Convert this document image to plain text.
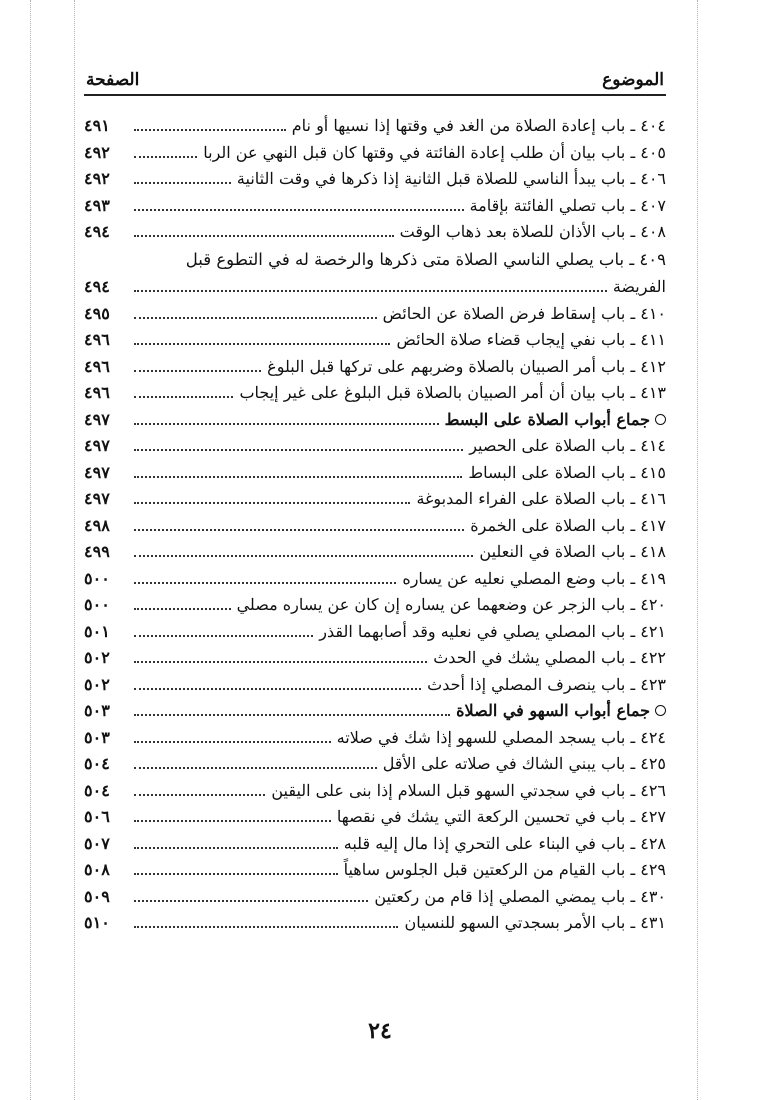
الموضوع
الصفحة
٤٠٤ ـ باب إعادة الصلاة من الغد في وقتها إذا نسيها أو نام
٤٩١
٤٠٥ ـ باب بيان أن طلب إعادة الفائتة في وقتها كان قبل النهي عن الربا
٤٩٢
٤٠٦ ـ باب يبدأ الناسي للصلاة قبل الثانية إذا ذكرها في وقت الثانية
٤٩٢
٤٠٧ ـ باب تصلي الفائتة بإقامة
٤٩٣
٤٠٨ ـ باب الأذان للصلاة بعد ذهاب الوقت
٤٩٤
٤٠٩ ـ باب يصلي الناسي الصلاة متى ذكرها والرخصة له في التطوع قبل
الفريضة
٤٩٤
٤١٠ ـ باب إسقاط فرض الصلاة عن الحائض
٤٩٥
٤١١ ـ باب نفي إيجاب قضاء صلاة الحائض
٤٩٦
٤١٢ ـ باب أمر الصبيان بالصلاة وضربهم على تركها قبل البلوغ
٤٩٦
٤١٣ ـ باب بيان أن أمر الصبيان بالصلاة قبل البلوغ على غير إيجاب
٤٩٦
جماع أبواب الصلاة على البسط
٤٩٧
٤١٤ ـ باب الصلاة على الحصير
٤٩٧
٤١٥ ـ باب الصلاة على البساط
٤٩٧
٤١٦ ـ باب الصلاة على الفراء المدبوغة
٤٩٧
٤١٧ ـ باب الصلاة على الخمرة
٤٩٨
٤١٨ ـ باب الصلاة في النعلين
٤٩٩
٤١٩ ـ باب وضع المصلي نعليه عن يساره
٥٠٠
٤٢٠ ـ باب الزجر عن وضعهما عن يساره إن كان عن يساره مصلي
٥٠٠
٤٢١ ـ باب المصلي يصلي في نعليه وقد أصابهما القذر
٥٠١
٤٢٢ ـ باب المصلي يشك في الحدث
٥٠٢
٤٢٣ ـ باب ينصرف المصلي إذا أحدث
٥٠٢
جماع أبواب السهو في الصلاة
٥٠٣
٤٢٤ ـ باب يسجد المصلي للسهو إذا شك في صلاته
٥٠٣
٤٢٥ ـ باب يبني الشاك في صلاته على الأقل
٥٠٤
٤٢٦ ـ باب في سجدتي السهو قبل السلام إذا بنى على اليقين
٥٠٤
٤٢٧ ـ باب في تحسين الركعة التي يشك في نقصها
٥٠٦
٤٢٨ ـ باب في البناء على التحري إذا مال إليه قلبه
٥٠٧
٤٢٩ ـ باب القيام من الركعتين قبل الجلوس ساهياً
٥٠٨
٤٣٠ ـ باب يمضي المصلي إذا قام من ركعتين
٥٠٩
٤٣١ ـ باب الأمر بسجدتي السهو للنسيان
٥١٠
٢٤
